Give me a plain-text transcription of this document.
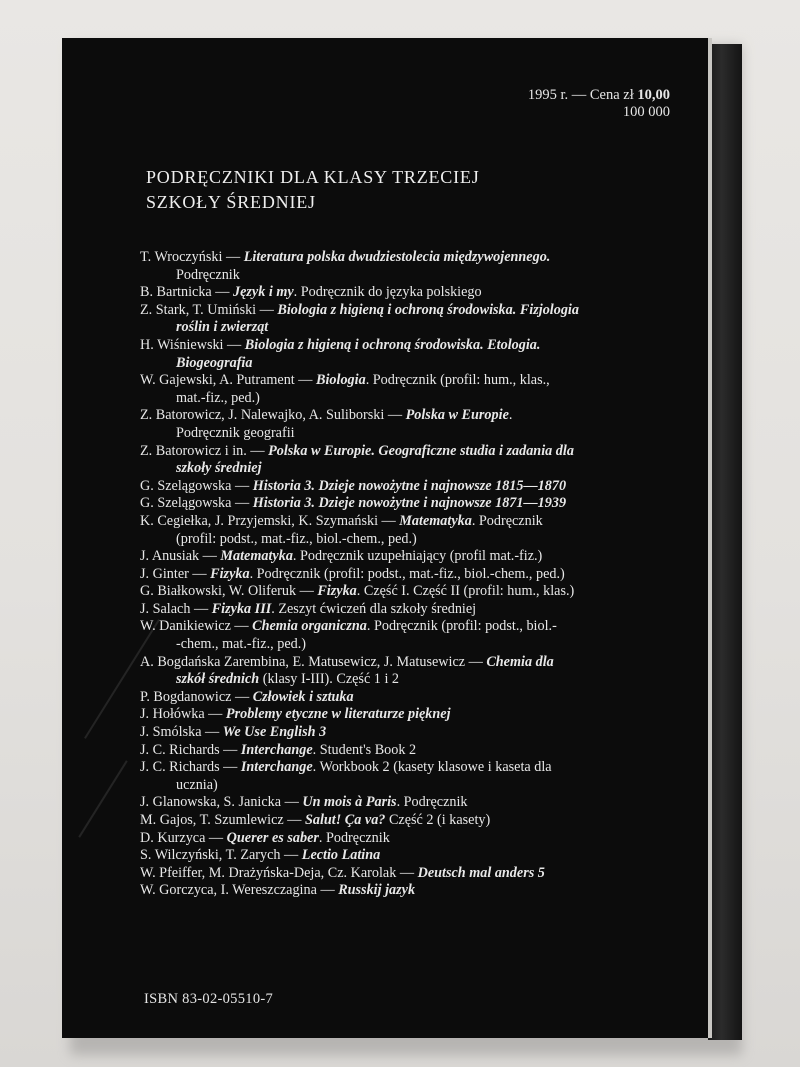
1995 r. — Cena zł 10,00
100 000
PODRĘCZNIKI DLA KLASY TRZECIEJ
SZKOŁY ŚREDNIEJ
T. Wroczyński — Literatura polska dwudziestolecia międzywojennego.
Podręcznik
B. Bartnicka — Język i my. Podręcznik do języka polskiego
Z. Stark, T. Umiński — Biologia z higieną i ochroną środowiska. Fizjologia
roślin i zwierząt
H. Wiśniewski — Biologia z higieną i ochroną środowiska. Etologia.
Biogeografia
W. Gajewski, A. Putrament — Biologia. Podręcznik (profil: hum., klas.,
mat.-fiz., ped.)
Z. Batorowicz, J. Nalewajko, A. Suliborski — Polska w Europie.
Podręcznik geografii
Z. Batorowicz i in. — Polska w Europie. Geograficzne studia i zadania dla
szkoły średniej
G. Szelągowska — Historia 3. Dzieje nowożytne i najnowsze 1815—1870
G. Szelągowska — Historia 3. Dzieje nowożytne i najnowsze 1871—1939
K. Cegiełka, J. Przyjemski, K. Szymański — Matematyka. Podręcznik
(profil: podst., mat.-fiz., biol.-chem., ped.)
J. Anusiak — Matematyka. Podręcznik uzupełniający (profil mat.-fiz.)
J. Ginter — Fizyka. Podręcznik (profil: podst., mat.-fiz., biol.-chem., ped.)
G. Białkowski, W. Oliferuk — Fizyka. Część I. Część II (profil: hum., klas.)
J. Salach — Fizyka III. Zeszyt ćwiczeń dla szkoły średniej
W. Danikiewicz — Chemia organiczna. Podręcznik (profil: podst., biol.-
-chem., mat.-fiz., ped.)
A. Bogdańska Zarembina, E. Matusewicz, J. Matusewicz — Chemia dla
szkół średnich (klasy I-III). Część 1 i 2
P. Bogdanowicz — Człowiek i sztuka
J. Hołówka — Problemy etyczne w literaturze pięknej
J. Smólska — We Use English 3
J. C. Richards — Interchange. Student's Book 2
J. C. Richards — Interchange. Workbook 2 (kasety klasowe i kaseta dla
ucznia)
J. Glanowska, S. Janicka — Un mois à Paris. Podręcznik
M. Gajos, T. Szumlewicz — Salut! Ça va? Część 2 (i kasety)
D. Kurzyca — Querer es saber. Podręcznik
S. Wilczyński, T. Zarych — Lectio Latina
W. Pfeiffer, M. Drażyńska-Deja, Cz. Karolak — Deutsch mal anders 5
W. Gorczyca, I. Wereszczagina — Russkij jazyk
ISBN 83-02-05510-7
